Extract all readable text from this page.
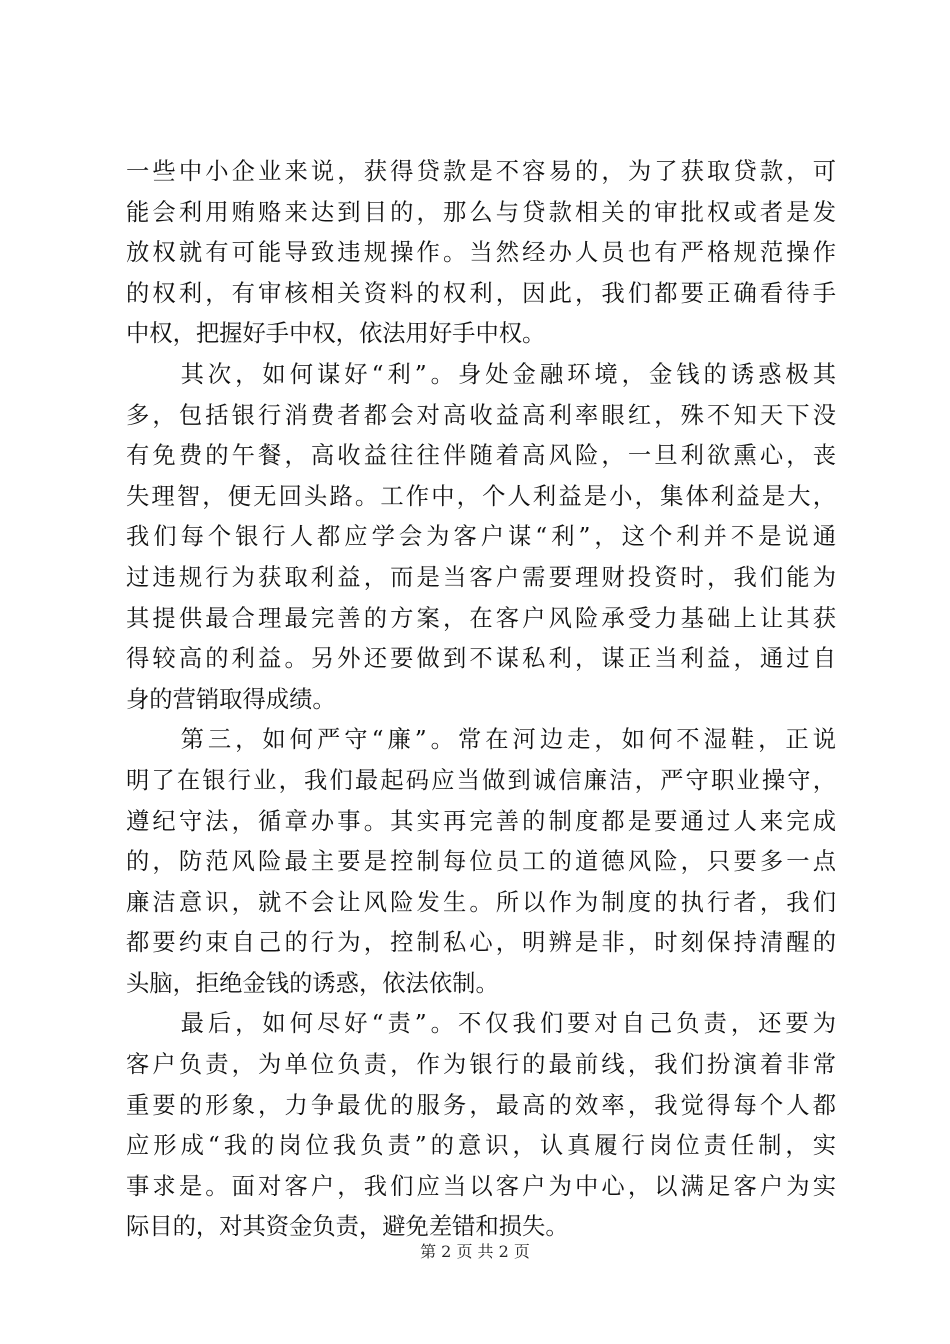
一些中小企业来说，获得贷款是不容易的，为了获取贷款，可
能会利用贿赂来达到目的，那么与贷款相关的审批权或者是发
放权就有可能导致违规操作。当然经办人员也有严格规范操作
的权利，有审核相关资料的权利，因此，我们都要正确看待手
中权，把握好手中权，依法用好手中权。
　　其次，如何谋好“利”。身处金融环境，金钱的诱惑极其
多，包括银行消费者都会对高收益高利率眼红，殊不知天下没
有免费的午餐，高收益往往伴随着高风险，一旦利欲熏心，丧
失理智，便无回头路。工作中，个人利益是小，集体利益是大，
我们每个银行人都应学会为客户谋“利”，这个利并不是说通
过违规行为获取利益，而是当客户需要理财投资时，我们能为
其提供最合理最完善的方案，在客户风险承受力基础上让其获
得较高的利益。另外还要做到不谋私利，谋正当利益，通过自
身的营销取得成绩。
　　第三，如何严守“廉”。常在河边走，如何不湿鞋，正说
明了在银行业，我们最起码应当做到诚信廉洁，严守职业操守，
遵纪守法，循章办事。其实再完善的制度都是要通过人来完成
的，防范风险最主要是控制每位员工的道德风险，只要多一点
廉洁意识，就不会让风险发生。所以作为制度的执行者，我们
都要约束自己的行为，控制私心，明辨是非，时刻保持清醒的
头脑，拒绝金钱的诱惑，依法依制。
　　最后，如何尽好“责”。不仅我们要对自己负责，还要为
客户负责，为单位负责，作为银行的最前线，我们扮演着非常
重要的形象，力争最优的服务，最高的效率，我觉得每个人都
应形成“我的岗位我负责”的意识，认真履行岗位责任制，实
事求是。面对客户，我们应当以客户为中心，以满足客户为实
际目的，对其资金负责，避免差错和损失。
第 2 页 共 2 页
